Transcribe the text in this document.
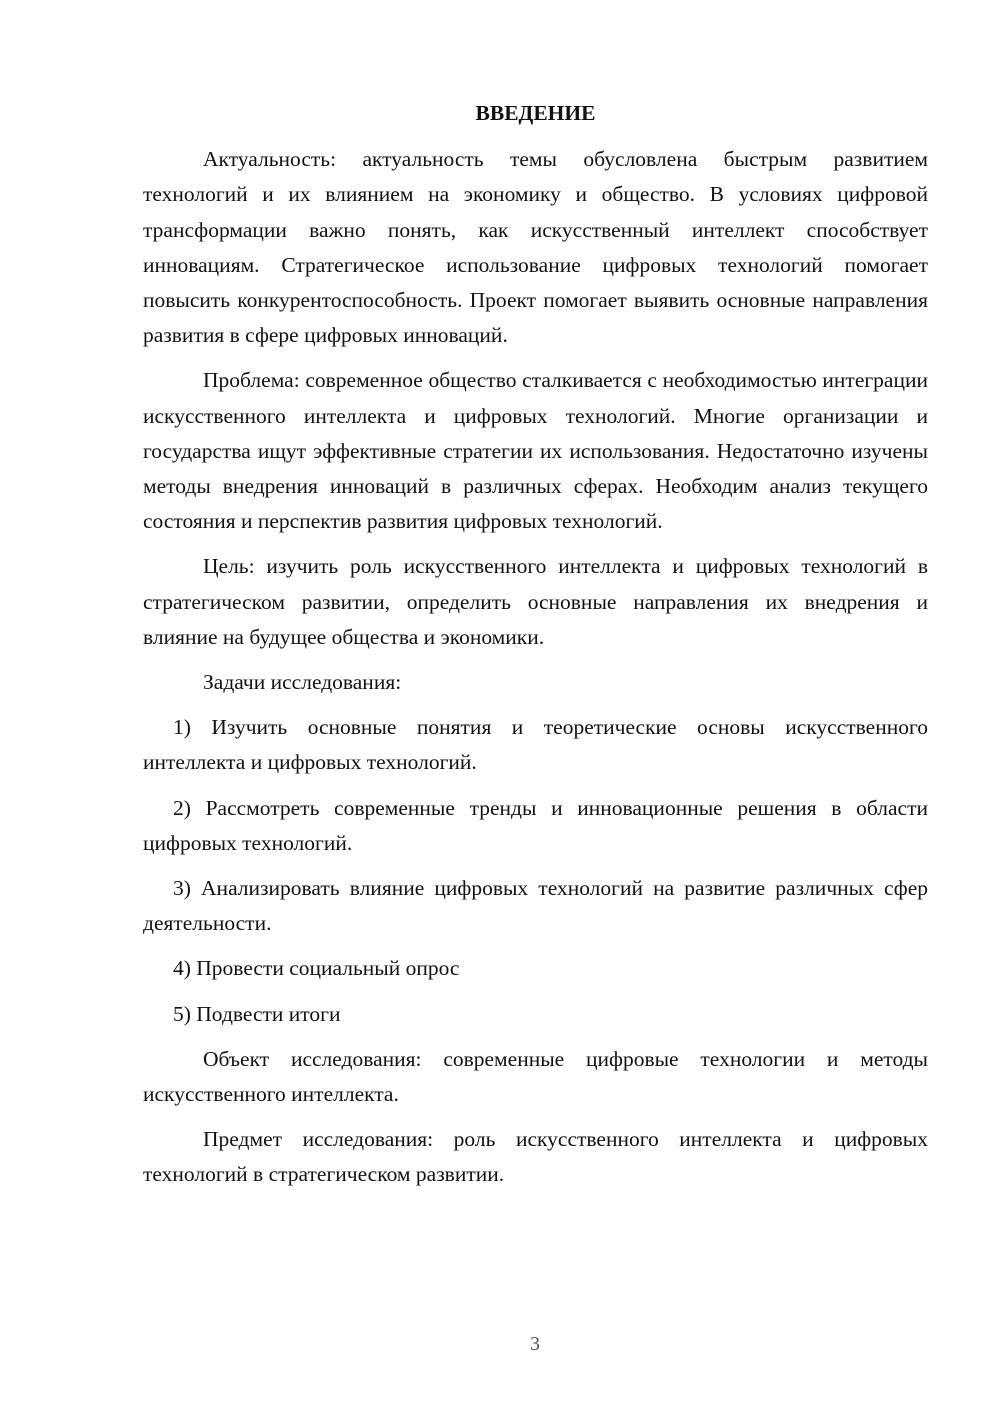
ВВЕДЕНИЕ

Актуальность: актуальность темы обусловлена быстрым развитием технологий и их влиянием на экономику и общество. В условиях цифровой трансформации важно понять, как искусственный интеллект способствует инновациям. Стратегическое использование цифровых технологий помогает повысить конкурентоспособность. Проект помогает выявить основные направления развития в сфере цифровых инноваций.

Проблема: современное общество сталкивается с необходимостью интеграции искусственного интеллекта и цифровых технологий. Многие организации и государства ищут эффективные стратегии их использования. Недостаточно изучены методы внедрения инноваций в различных сферах. Необходим анализ текущего состояния и перспектив развития цифровых технологий.

Цель: изучить роль искусственного интеллекта и цифровых технологий в стратегическом развитии, определить основные направления их внедрения и влияние на будущее общества и экономики.

Задачи исследования:

1) Изучить основные понятия и теоретические основы искусственного интеллекта и цифровых технологий.

2) Рассмотреть современные тренды и инновационные решения в области цифровых технологий.

3) Анализировать влияние цифровых технологий на развитие различных сфер деятельности.

4) Провести социальный опрос

5) Подвести итоги

Объект исследования: современные цифровые технологии и методы искусственного интеллекта.

Предмет исследования: роль искусственного интеллекта и цифровых технологий в стратегическом развитии.

3
